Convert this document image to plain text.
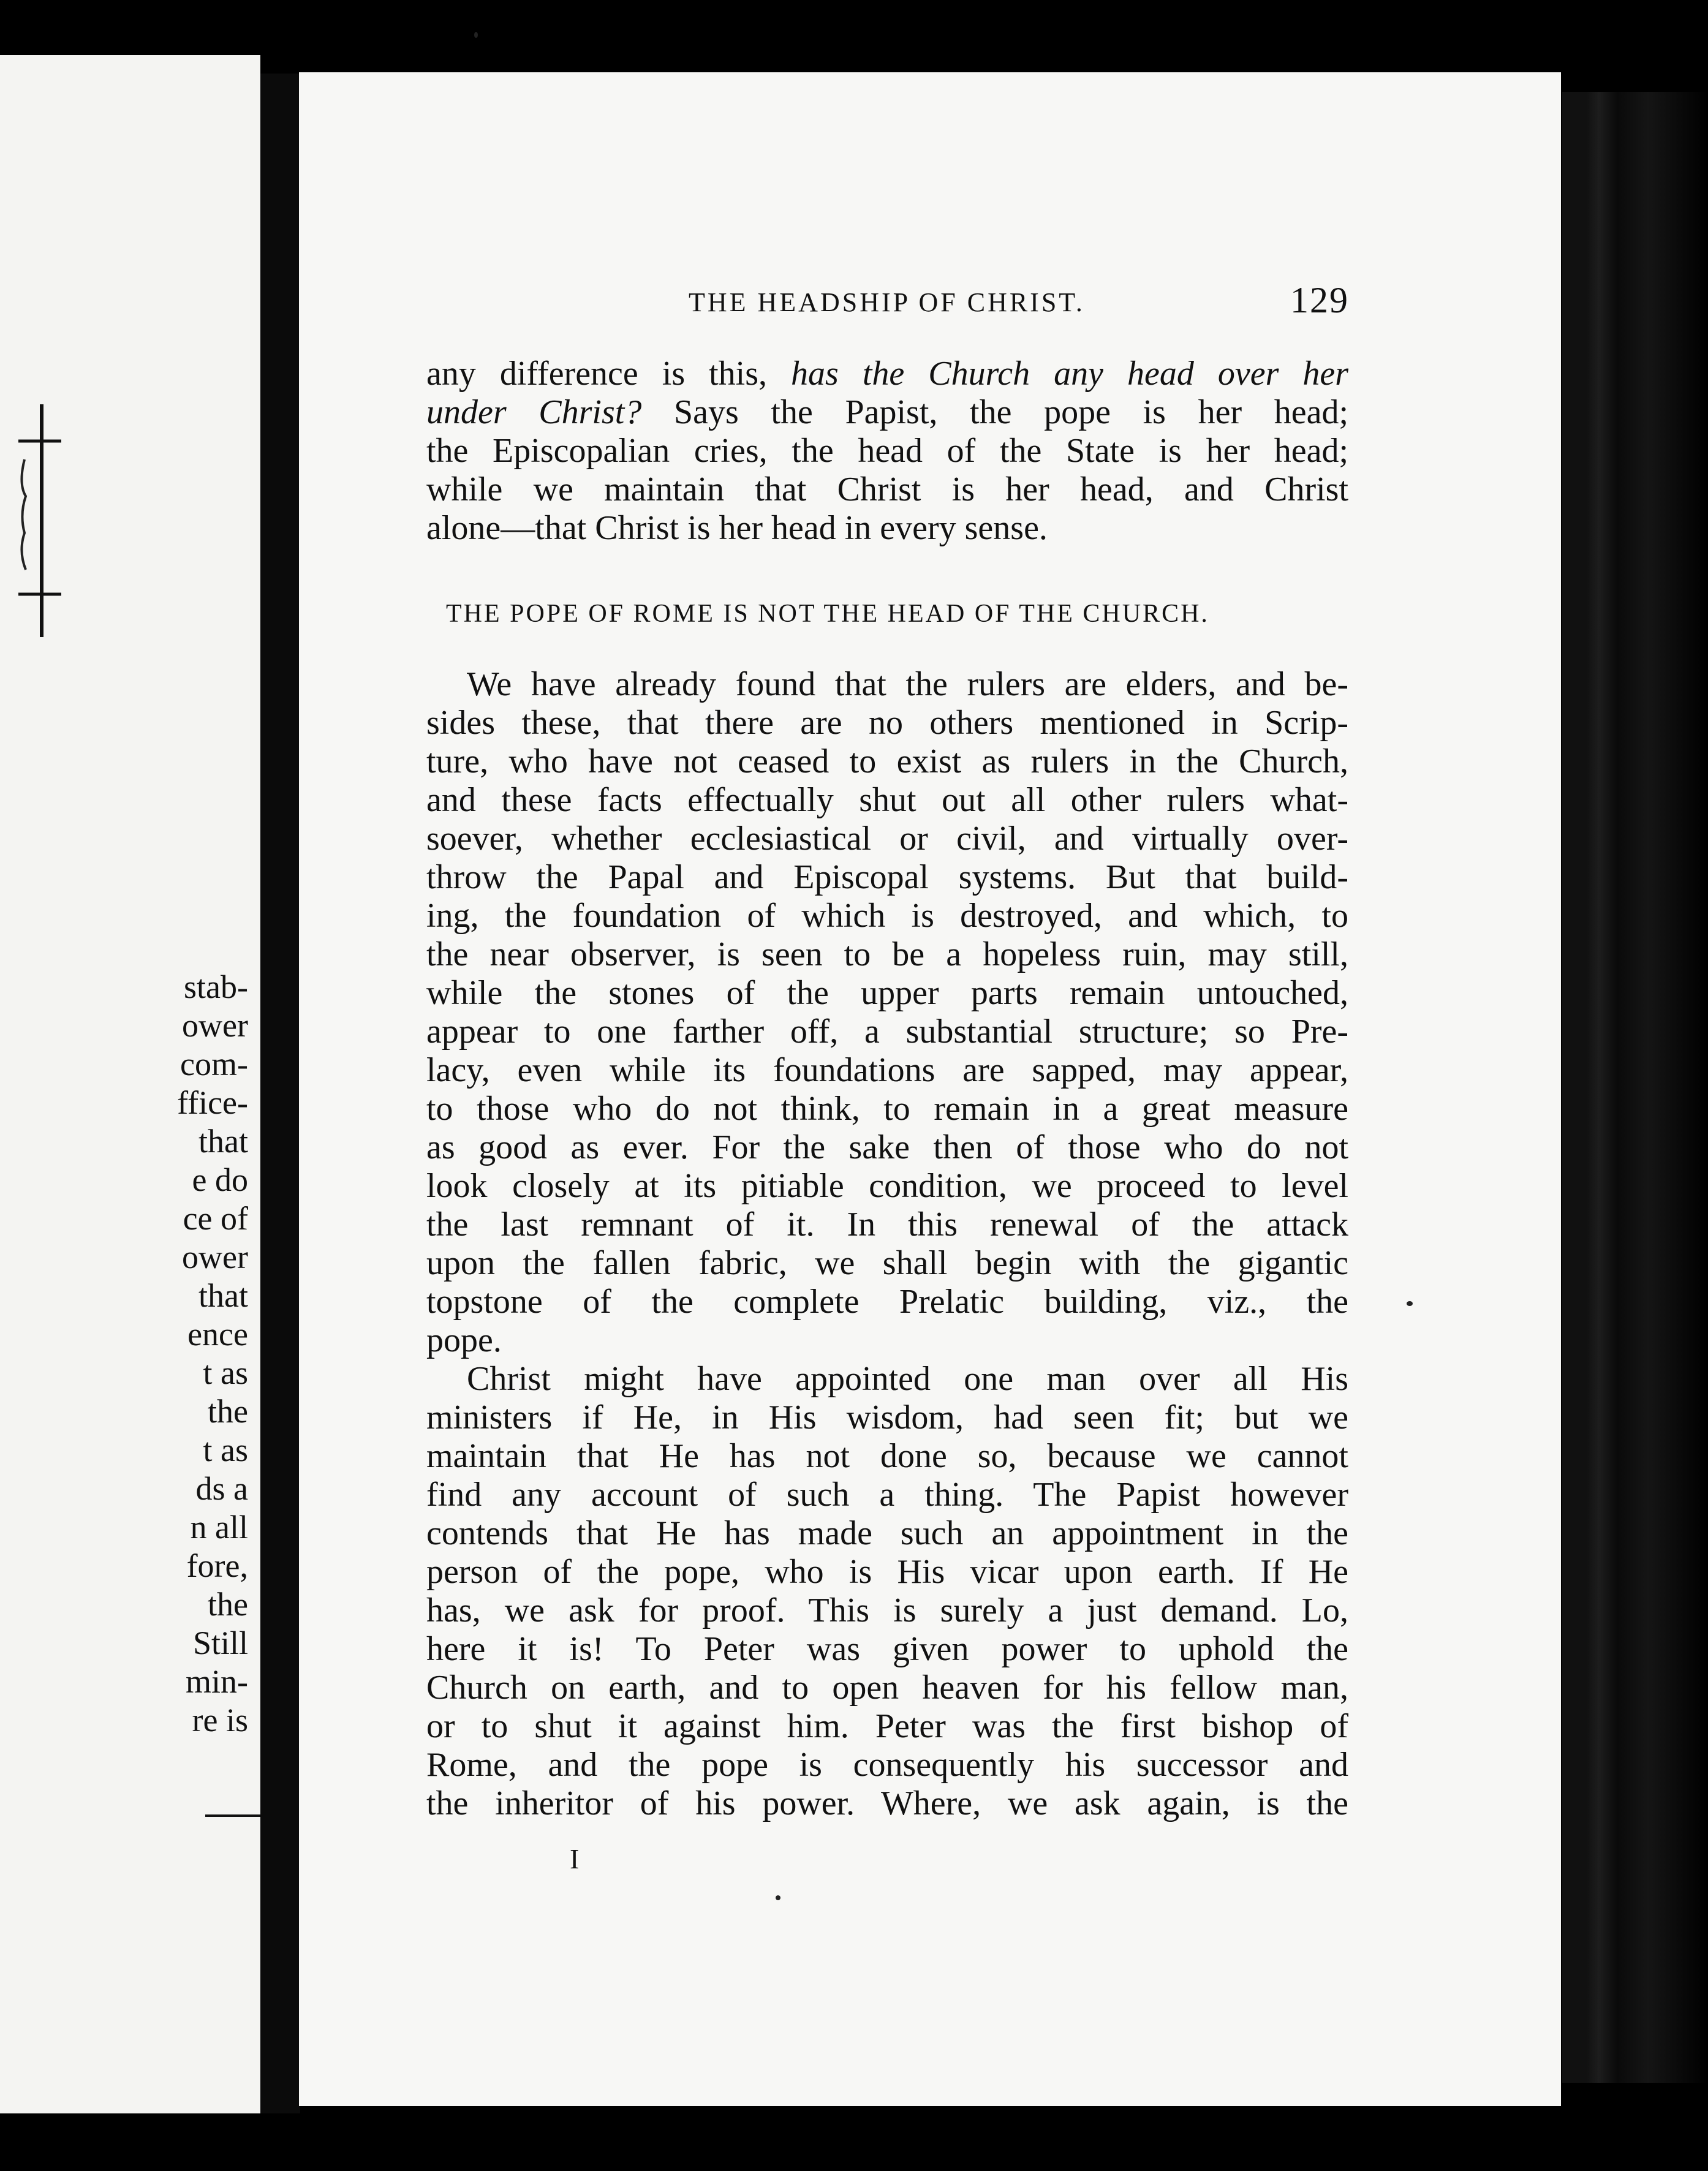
stab-
ower
com-
ffice-
that
e do
ce of
ower
that
ence
t as
the
t as
ds a
n all
fore,
the
Still
min-
re is
THE HEADSHIP OF CHRIST.	129
any difference is this, has the Church any head over her
under Christ? Says the Papist, the pope is her head;
the Episcopalian cries, the head of the State is her head;
while we maintain that Christ is her head, and Christ
alone—that Christ is her head in every sense.
THE POPE OF ROME IS NOT THE HEAD OF THE CHURCH.
We have already found that the rulers are elders, and be-
sides these, that there are no others mentioned in Scrip-
ture, who have not ceased to exist as rulers in the Church,
and these facts effectually shut out all other rulers what-
soever, whether ecclesiastical or civil, and virtually over-
throw the Papal and Episcopal systems. But that build-
ing, the foundation of which is destroyed, and which, to
the near observer, is seen to be a hopeless ruin, may still,
while the stones of the upper parts remain untouched,
appear to one farther off, a substantial structure; so Pre-
lacy, even while its foundations are sapped, may appear,
to those who do not think, to remain in a great measure
as good as ever. For the sake then of those who do not
look closely at its pitiable condition, we proceed to level
the last remnant of it. In this renewal of the attack
upon the fallen fabric, we shall begin with the gigantic
topstone of the complete Prelatic building, viz., the
pope.
Christ might have appointed one man over all His
ministers if He, in His wisdom, had seen fit; but we
maintain that He has not done so, because we cannot
find any account of such a thing. The Papist however
contends that He has made such an appointment in the
person of the pope, who is His vicar upon earth. If He
has, we ask for proof. This is surely a just demand. Lo,
here it is! To Peter was given power to uphold the
Church on earth, and to open heaven for his fellow man,
or to shut it against him. Peter was the first bishop of
Rome, and the pope is consequently his successor and
the inheritor of his power. Where, we ask again, is the
I
